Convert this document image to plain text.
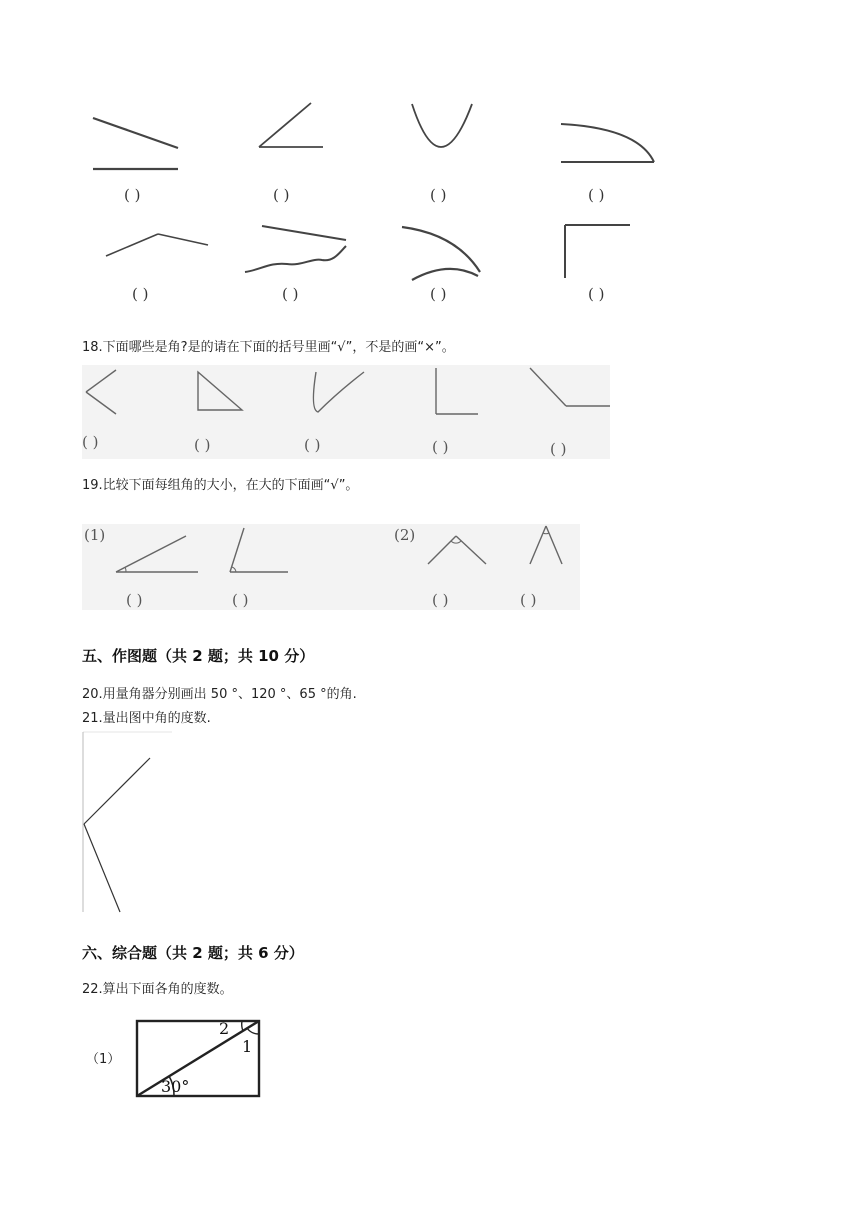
( )	( )	( )	( )
( )	( )	( )	( )
18.下面哪些是角?是的请在下面的括号里画“√”，不是的画“×”。
( )	( )	( )	( )	( )
19.比较下面每组角的大小，在大的下面画“√”。
(1)	(2)
( )	( )	( )	( )
五、作图题（共 2 题；共 10 分）
20.用量角器分别画出 50 °、120 °、65 °的角.
21.量出图中角的度数.
六、综合题（共 2 题；共 6 分）
22.算出下面各角的度数。
（1）
30°
1
2
